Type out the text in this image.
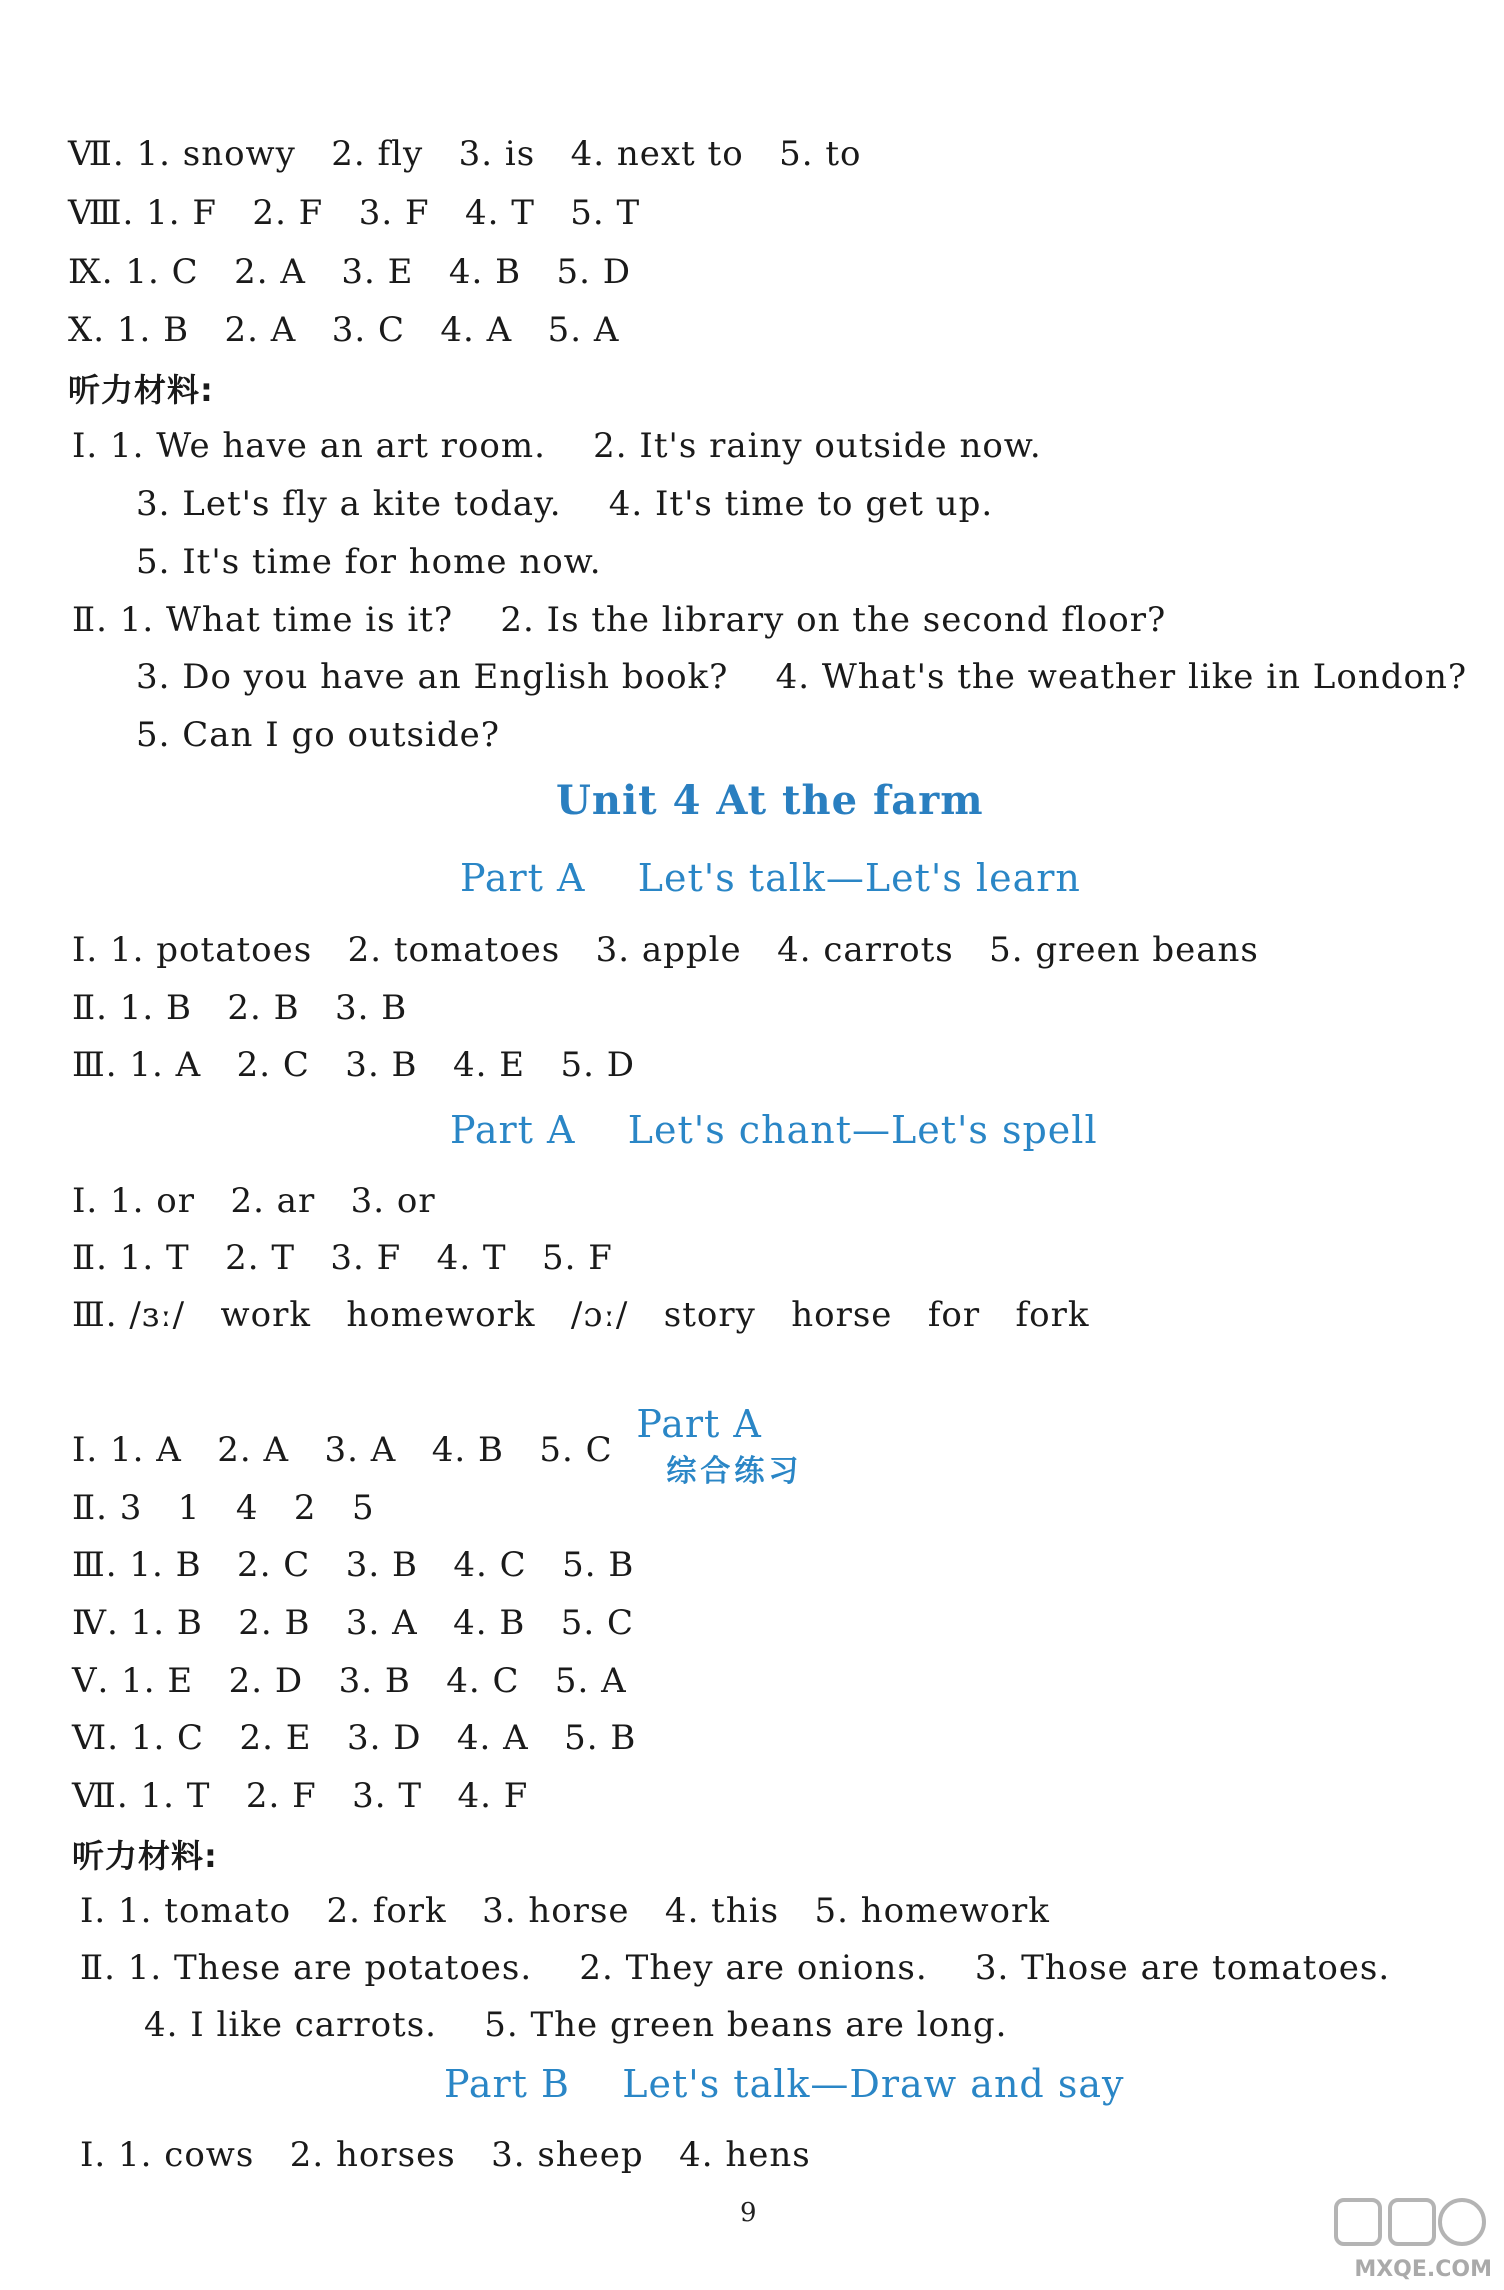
Ⅶ. 1. snowy   2. fly   3. is   4. next to   5. to
Ⅷ. 1. F   2. F   3. F   4. T   5. T
Ⅸ. 1. C   2. A   3. E   4. B   5. D
Ⅹ. 1. B   2. A   3. C   4. A   5. A
听力材料:
Ⅰ. 1. We have an art room.    2. It's rainy outside now.
3. Let's fly a kite today.    4. It's time to get up.
5. It's time for home now.
Ⅱ. 1. What time is it?    2. Is the library on the second floor?
3. Do you have an English book?    4. What's the weather like in London?
5. Can I go outside?
Unit 4 At the farm
Part A    Let's talk—Let's learn
Ⅰ. 1. potatoes   2. tomatoes   3. apple   4. carrots   5. green beans
Ⅱ. 1. B   2. B   3. B
Ⅲ. 1. A   2. C   3. B   4. E   5. D
Part A    Let's chant—Let's spell
Ⅰ. 1. or   2. ar   3. or
Ⅱ. 1. T   2. T   3. F   4. T   5. F
Ⅲ. /ɜː/   work   homework   /ɔː/   story   horse   for   fork

Part A
综合练习

Ⅰ. 1. A   2. A   3. A   4. B   5. C
Ⅱ. 3   1   4   2   5
Ⅲ. 1. B   2. C   3. B   4. C   5. B
Ⅳ. 1. B   2. B   3. A   4. B   5. C
Ⅴ. 1. E   2. D   3. B   4. C   5. A
Ⅵ. 1. C   2. E   3. D   4. A   5. B
Ⅶ. 1. T   2. F   3. T   4. F
听力材料:
Ⅰ. 1. tomato   2. fork   3. horse   4. this   5. homework
Ⅱ. 1. These are potatoes.    2. They are onions.    3. Those are tomatoes.
4. I like carrots.    5. The green beans are long.
Part B    Let's talk—Draw and say
Ⅰ. 1. cows   2. horses   3. sheep   4. hens
9
MXQE.COM
